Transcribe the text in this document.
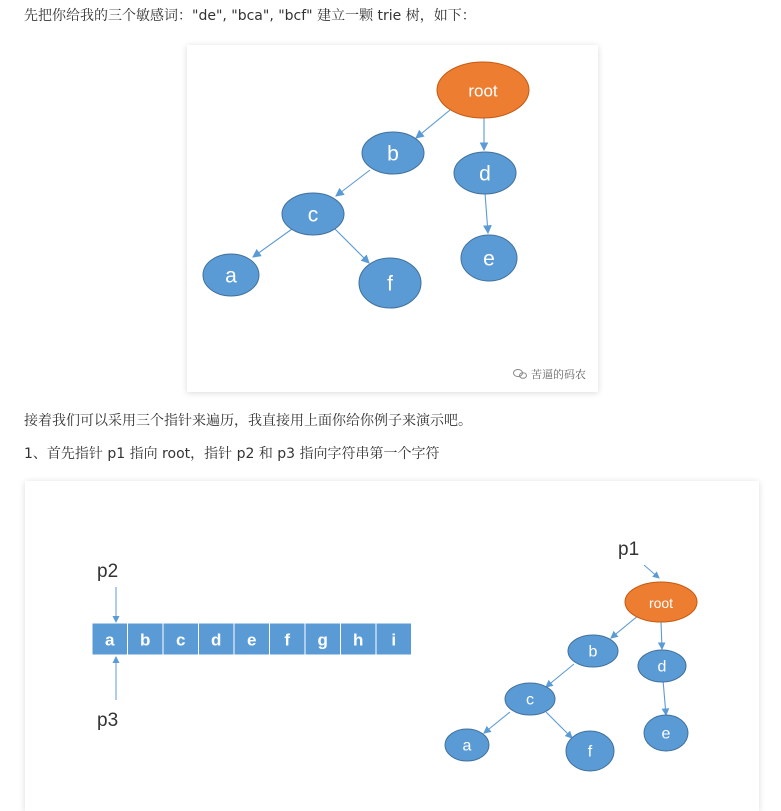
先把你给我的三个敏感词："de", "bca", "bcf" 建立一颗 trie 树，如下：
root
b
d
c
e
a	f
苦逼的码农
接着我们可以采用三个指针来遍历，我直接用上面你给你例子来演示吧。
1、首先指针 p1 指向 root，指针 p2 和 p3 指向字符串第一个字符
p2
a b c d e f g h i
p3
p1
root
b
d
c
e
a	f
